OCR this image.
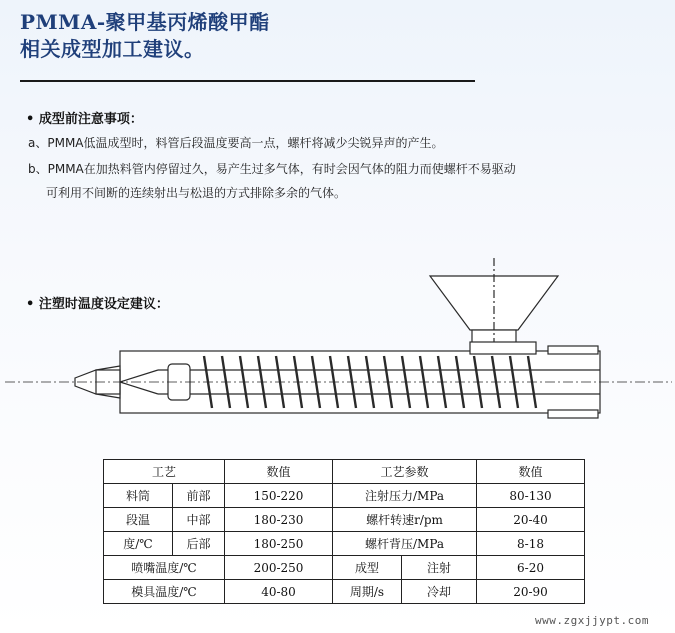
PMMA-聚甲基丙烯酸甲酯
相关成型加工建议。
• 成型前注意事项：
a、PMMA低温成型时，料管后段温度要高一点，螺杆将减少尖锐异声的产生。
b、PMMA在加热料管内停留过久，易产生过多气体，有时会因气体的阻力而使螺杆不易驱动
可利用不间断的连续射出与松退的方式排除多余的气体。
• 注塑时温度设定建议：
工艺		数值	工艺参数		数值
料筒	前部	150-220	注射压力/MPa		80-130
段温	中部	180-230	螺杆转速r/pm		20-40
度/℃	后部	180-250	螺杆背压/MPa		8-18
喷嘴温度/℃		200-250	成型	注射	6-20
模具温度/℃		40-80	周期/s	冷却	20-90
www.zgxjjypt.com
